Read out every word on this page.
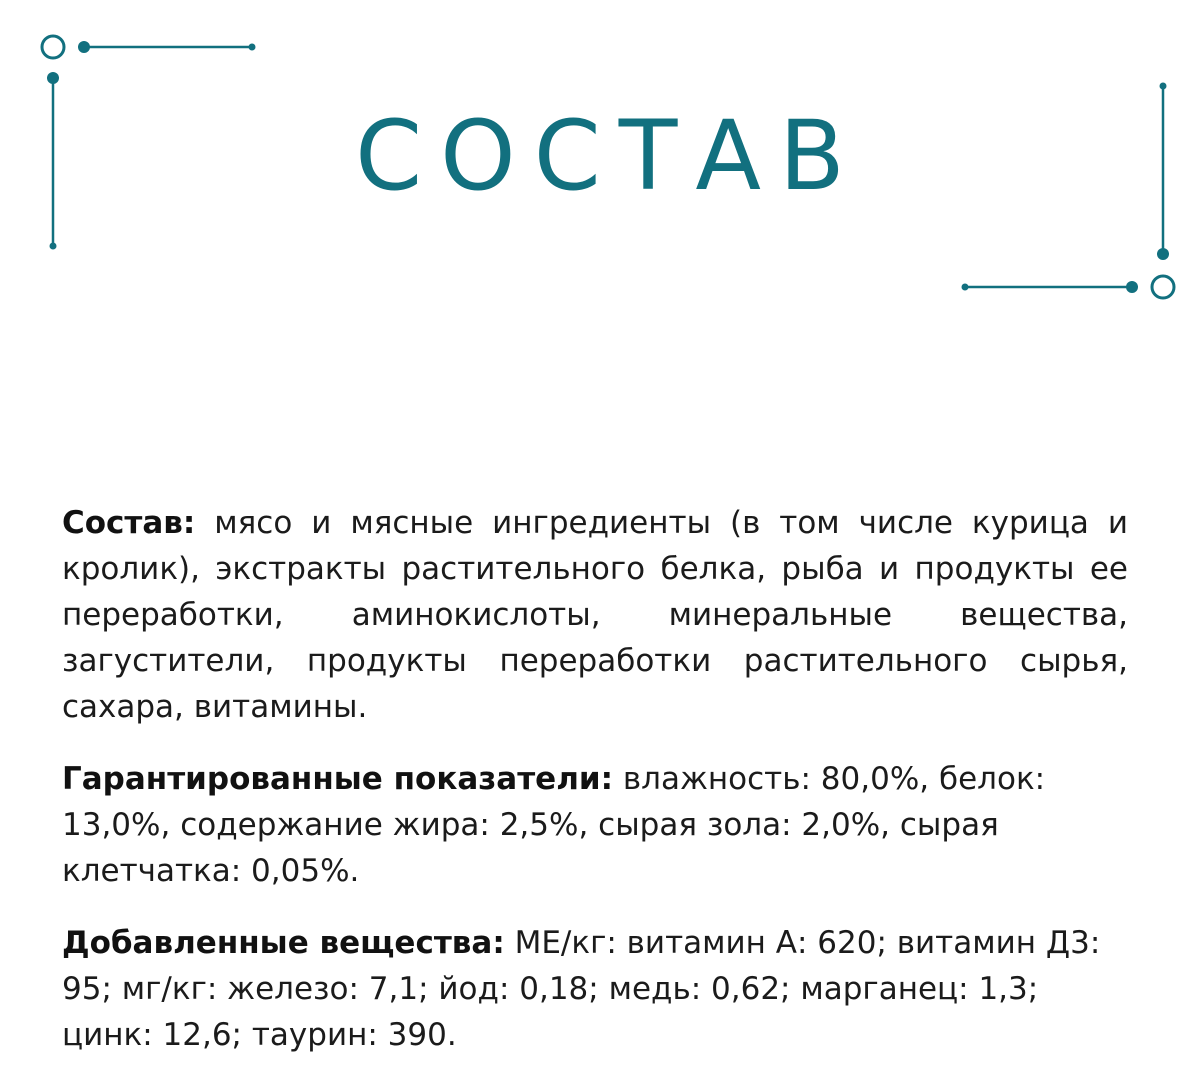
СОСТАВ

Состав: мясо и мясные ингредиенты (в том числе курица и кролик), экстракты растительного белка, рыба и продукты ее переработки, аминокислоты, минеральные вещества, загустители, продукты переработки растительного сырья, сахара, витамины.

Гарантированные показатели: влажность: 80,0%, белок: 13,0%, содержание жира: 2,5%, сырая зола: 2,0%, сырая клетчатка: 0,05%.

Добавленные вещества: МЕ/кг: витамин А: 620; витамин Д3: 95; мг/кг: железо: 7,1; йод: 0,18; медь: 0,62; марганец: 1,3; цинк: 12,6; таурин: 390.
